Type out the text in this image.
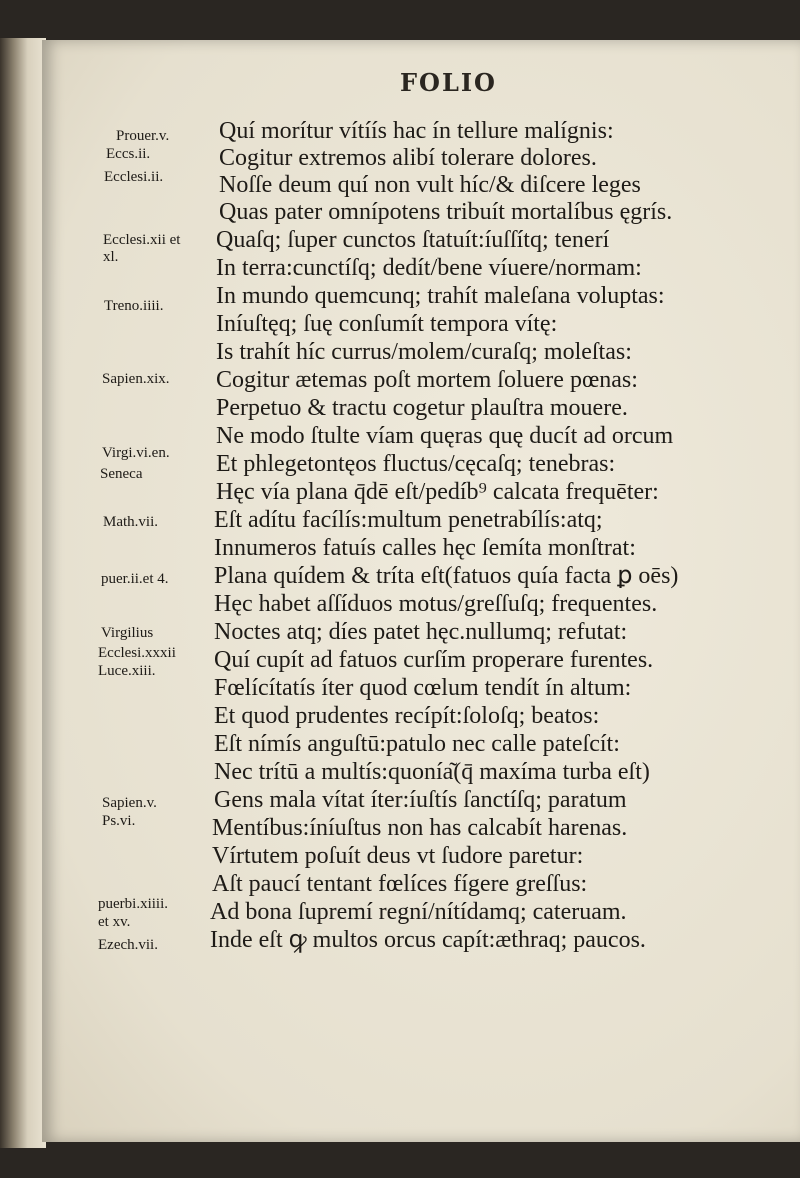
FOLIO
Quí morítur vítíís hac ín tellure malígnis:
Cogitur extremos alibí tolerare dolores.
Noſſe deum quí non vult híc/& diſcere leges
Quas pater omnípotens tribuít mortalíbus ęgrís.
Quaſq; ſuper cunctos ſtatuít:íuſſítq; tenerí
In terra:cunctíſq; dedít/bene víuere/normam:
In mundo quemcunq; trahít maleſana voluptas:
Iníuſtęq; ſuę conſumít tempora vítę:
Is trahít híc currus/molem/curaſq; moleſtas:
Cogitur ætemas poſt mortem ſoluere pœnas:
Perpetuo & tractu cogetur plauſtra mouere.
Ne modo ſtulte víam quęras quę ducít ad orcum
Et phlegetontęos fluctus/cęcaſq; tenebras:
Hęc vía plana q̄dē eſt/pedíb⁹ calcata frequēter:
Eſt adítu facílís:multum penetrabílís:atq;
Innumeros fatuís calles hęc ſemíta monſtrat:
Plana quídem & tríta eſt(fatuos quía facta ꝑ oēs)
Hęc habet aſſíduos motus/greſſuſq; frequentes.
Noctes atq; díes patet hęc.nullumq; refutat:
Quí cupít ad fatuos curſím properare furentes.
Fœlícítatís íter quod cœlum tendít ín altum:
Et quod prudentes recípít:ſoloſq; beatos:
Eſt nímís anguſtū:patulo nec calle pateſcít:
Nec trítū a multís:quonía͂(q̄ maxíma turba eſt)
Gens mala vítat íter:íuſtís ſanctíſq; paratum
Mentíbus:íníuſtus non has calcabít harenas.
Vírtutem poſuít deus vt ſudore paretur:
Aſt paucí tentant fœlíces fígere greſſus:
Ad bona ſupremí regní/nítídamq; cateruam.
Inde eſt ꝙ multos orcus capít:æthraq; paucos.
Prouer.v.
Eccs.ii.
Ecclesi.ii.
Ecclesi.xii et
xl.
Treno.iiii.
Sapien.xix.
Virgi.vi.en.
Seneca
Math.vii.
puer.ii.et 4.
Virgilius
Ecclesi.xxxii
Luce.xiii.
Sapien.v.
Ps.vi.
puerbi.xiiii.
et xv.
Ezech.vii.
